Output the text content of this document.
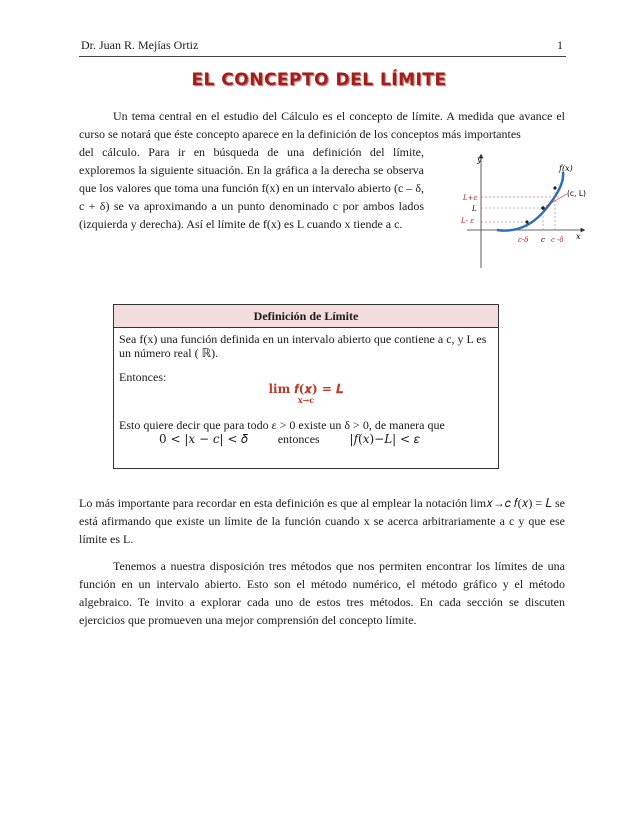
Dr. Juan R. Mejías Ortiz	1
EL CONCEPTO DEL LÍMITE

Un tema central en el estudio del Cálculo es el concepto de límite. A medida que avance el curso se notará que éste concepto aparece en la definición de los conceptos más importantes

del cálculo. Para ir en búsqueda de una definición del límite, exploremos la siguiente situación. En la gráfica a la derecha se observa que los valores que toma una función f(x) en un intervalo abierto (c – δ, c + δ) se va aproximando a un punto denominado c por ambos lados (izquierda y derecha). Así el límite de f(x) es L cuando x tiende a c.

y
x
f(x)
(c, L)
L+ε
L
L- ε
c-δ c c -δ
Definición de Límite
Sea f(x) una función definida en un intervalo abierto que contiene a c, y L es un número real ( ℝ).
Entonces:
lim 𝒇(𝒙) = 𝑳
x→c
Esto quiere decir que para todo ε > 0 existe un δ > 0, de manera que
0 < |𝑥 − 𝑐| < 𝛿 entonces |𝑓(𝑥)−𝐿| < 𝜀

Lo más importante para recordar en esta definición es que al emplear la notación lim𝑥→𝑐 𝑓(𝑥) = 𝐿 se está afirmando que existe un límite de la función cuando x se acerca arbitrariamente a c y que ese límite es L.

Tenemos a nuestra disposición tres métodos que nos permiten encontrar los límites de una función en un intervalo abierto. Esto son el método numérico, el método gráfico y el método algebraico. Te invito a explorar cada uno de estos tres métodos. En cada sección se discuten ejercicios que promueven una mejor comprensión del concepto límite.
